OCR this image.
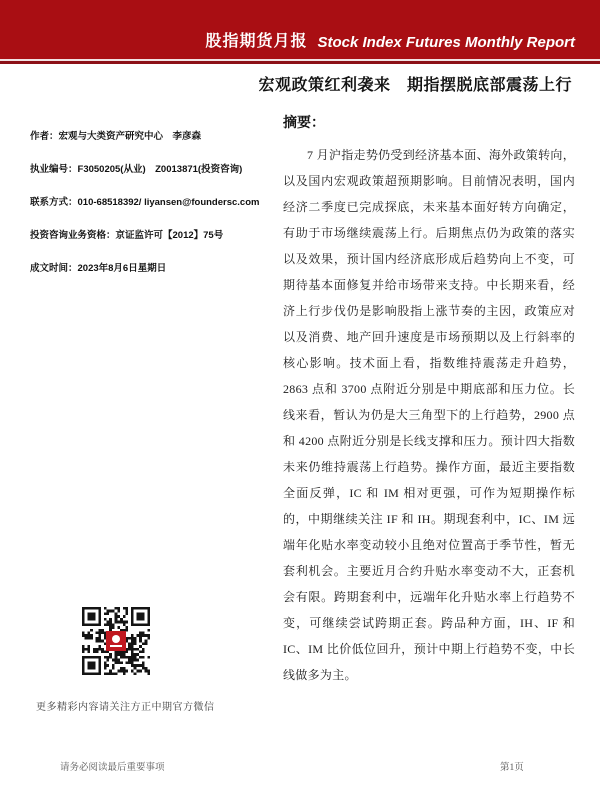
股指期货月报 Stock Index Futures Monthly Report
宏观政策红利袭来　期指摆脱底部震荡上行
作者：宏观与大类资产研究中心　李彦森
执业编号：F3050205(从业)　Z0013871(投资咨询)
联系方式：010-68518392/ liyansen@foundersc.com
投资咨询业务资格：京证监许可【2012】75号
成文时间：2023年8月6日星期日
摘要：

7 月沪指走势仍受到经济基本面、海外政策转向，以及国内宏观政策超预期影响。目前情况表明，国内经济二季度已完成探底，未来基本面好转方向确定，有助于市场继续震荡上行。后期焦点仍为政策的落实以及效果，预计国内经济底形成后趋势向上不变，可期待基本面修复并给市场带来支持。中长期来看，经济上行步伐仍是影响股指上涨节奏的主因，政策应对以及消费、地产回升速度是市场预期以及上行斜率的核心影响。技术面上看，指数维持震荡走升趋势，2863 点和 3700 点附近分别是中期底部和压力位。长线来看，暂认为仍是大三角型下的上行趋势，2900 点和 4200 点附近分别是长线支撑和压力。预计四大指数未来仍维持震荡上行趋势。操作方面，最近主要指数全面反弹，IC 和 IM 相对更强，可作为短期操作标的，中期继续关注 IF 和 IH。期现套利中，IC、IM 远端年化贴水率变动较小且绝对位置高于季节性，暂无套利机会。主要近月合约升贴水率变动不大，正套机会有限。跨期套利中，远端年化升贴水率上行趋势不变，可继续尝试跨期正套。跨品种方面，IH、IF 和 IC、IM 比价低位回升，预计中期上行趋势不变，中长线做多为主。

更多精彩内容请关注方正中期官方微信
请务必阅读最后重要事项	第1页
